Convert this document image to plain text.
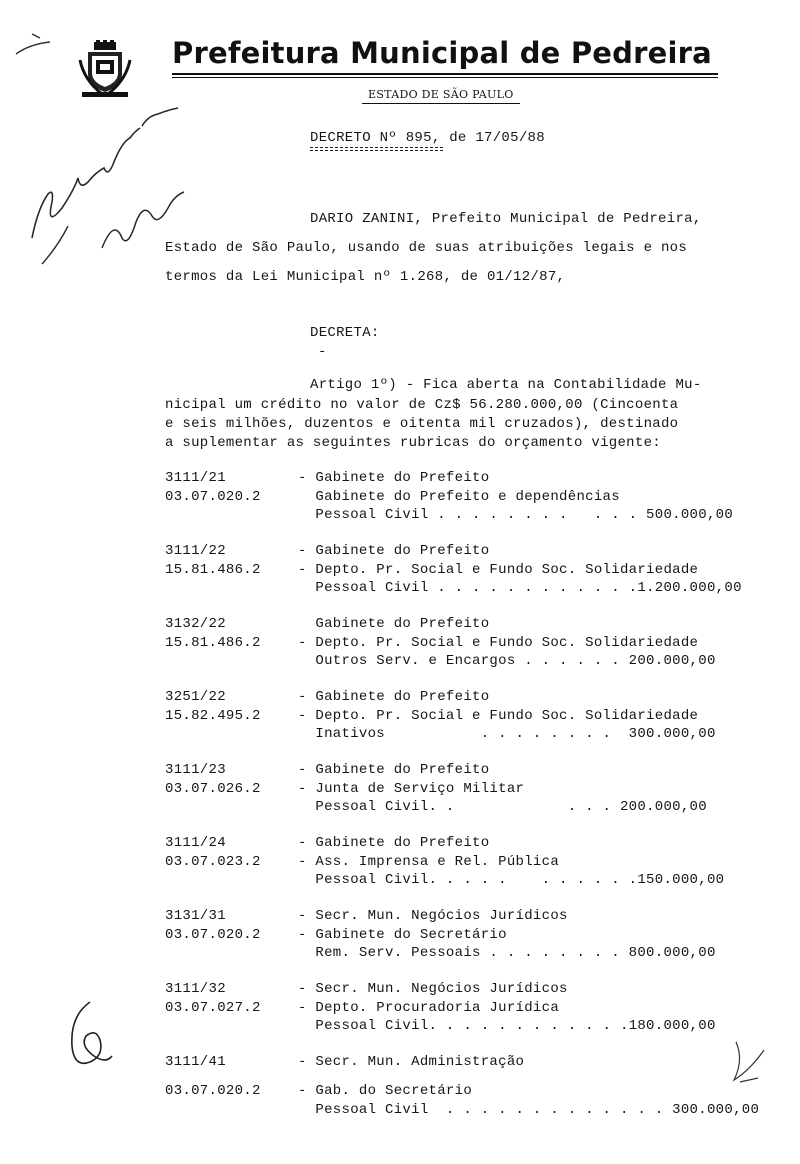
Prefeitura Municipal de Pedreira
ESTADO DE SÃO PAULO
DECRETO Nº 895, de 17/05/88
DARIO ZANINI, Prefeito Municipal de Pedreira,
Estado de São Paulo, usando de suas atribuições legais e nos
termos da Lei Municipal nº 1.268, de 01/12/87,
DECRETA:
-
Artigo 1º) - Fica aberta na Contabilidade Mu-
nicipal um crédito no valor de Cz$ 56.280.000,00 (Cincoenta
e seis milhões, duzentos e oitenta mil cruzados), destinado
a suplementar as seguintes rubricas do orçamento vigente:
3111/21
03.07.020.2
- Gabinete do Prefeito
Gabinete do Prefeito e dependências
Pessoal Civil . . . . . . . .   . . . 500.000,00
3111/22
15.81.486.2
- Gabinete do Prefeito
- Depto. Pr. Social e Fundo Soc. Solidariedade
Pessoal Civil . . . . . . . . . . . .1.200.000,00
3132/22
15.81.486.2
Gabinete do Prefeito
- Depto. Pr. Social e Fundo Soc. Solidariedade
Outros Serv. e Encargos . . . . . . 200.000,00
3251/22
15.82.495.2
- Gabinete do Prefeito
- Depto. Pr. Social e Fundo Soc. Solidariedade
Inativos           . . . . . . . .  300.000,00
3111/23
03.07.026.2
- Gabinete do Prefeito
- Junta de Serviço Militar
Pessoal Civil. .             . . . 200.000,00
3111/24
03.07.023.2
- Gabinete do Prefeito
- Ass. Imprensa e Rel. Pública
Pessoal Civil. . . . .    . . . . . .150.000,00
3131/31
03.07.020.2
- Secr. Mun. Negócios Jurídicos
- Gabinete do Secretário
Rem. Serv. Pessoais . . . . . . . . 800.000,00
3111/32
03.07.027.2
- Secr. Mun. Negócios Jurídicos
- Depto. Procuradoria Jurídica
Pessoal Civil. . . . . . . . . . . .180.000,00
3111/41
03.07.020.2
- Secr. Mun. Administração
- Gab. do Secretário
Pessoal Civil  . . . . . . . . . . . . . 300.000,00
